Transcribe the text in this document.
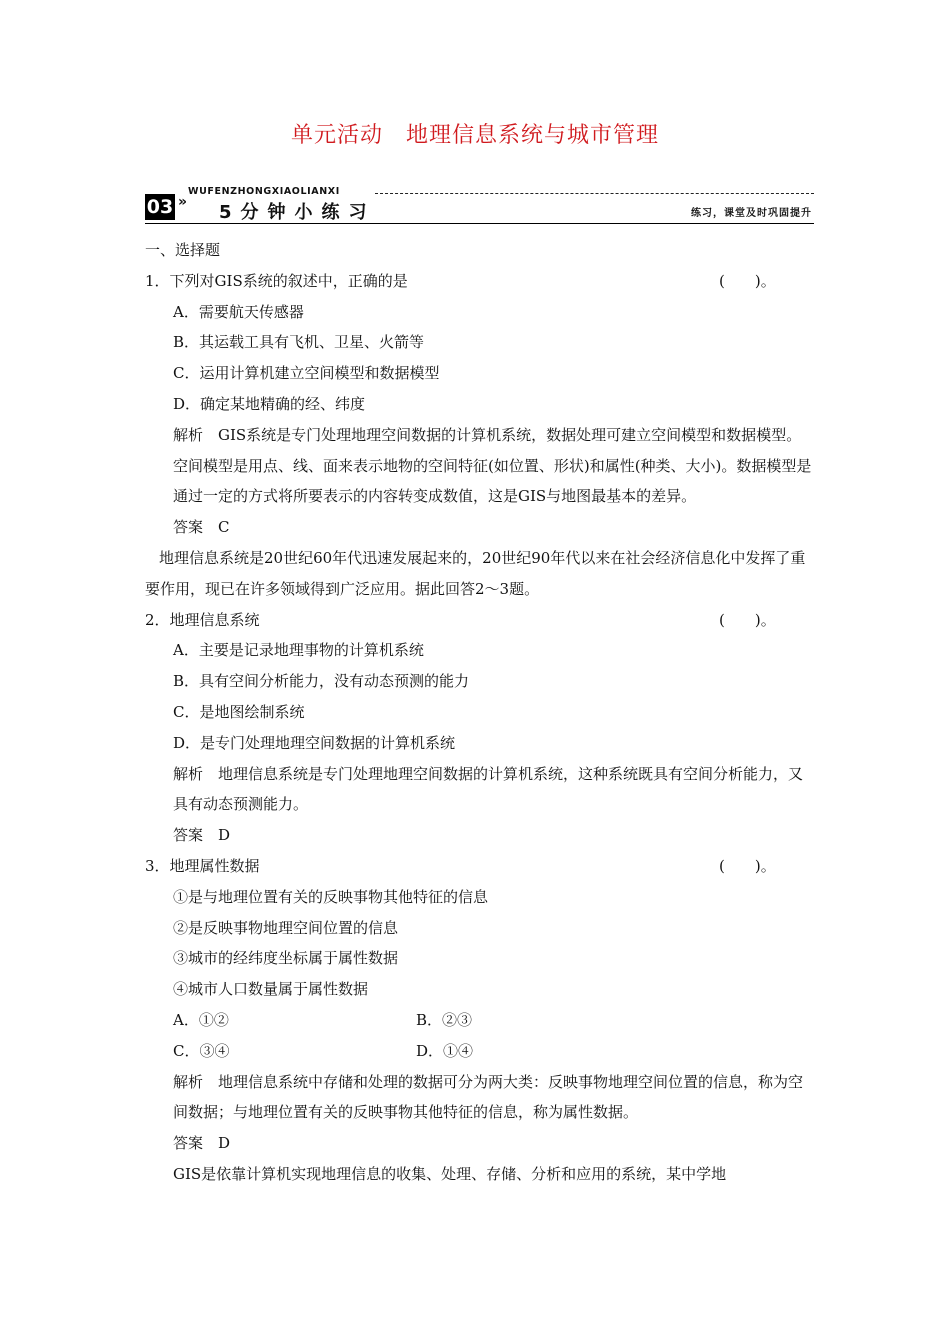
单元活动　地理信息系统与城市管理
03 »
WUFENZHONGXIAOLIANXI
5分钟小练习	练习，课堂及时巩固提升
一、选择题
1．下列对GIS系统的叙述中，正确的是	(　　)。
A．需要航天传感器
B．其运载工具有飞机、卫星、火箭等
C．运用计算机建立空间模型和数据模型
D．确定某地精确的经、纬度
解析　GIS系统是专门处理地理空间数据的计算机系统，数据处理可建立空间模型和数据模型。空间模型是用点、线、面来表示地物的空间特征(如位置、形状)和属性(种类、大小)。数据模型是通过一定的方式将所要表示的内容转变成数值，这是GIS与地图最基本的差异。
答案　C
地理信息系统是20世纪60年代迅速发展起来的，20世纪90年代以来在社会经济信息化中发挥了重要作用，现已在许多领域得到广泛应用。据此回答2～3题。
2．地理信息系统	(　　)。
A．主要是记录地理事物的计算机系统
B．具有空间分析能力，没有动态预测的能力
C．是地图绘制系统
D．是专门处理地理空间数据的计算机系统
解析　地理信息系统是专门处理地理空间数据的计算机系统，这种系统既具有空间分析能力，又具有动态预测能力。
答案　D
3．地理属性数据	(　　)。
①是与地理位置有关的反映事物其他特征的信息
②是反映事物地理空间位置的信息
③城市的经纬度坐标属于属性数据
④城市人口数量属于属性数据
A．①②	B．②③
C．③④	D．①④
解析　地理信息系统中存储和处理的数据可分为两大类：反映事物地理空间位置的信息，称为空间数据；与地理位置有关的反映事物其他特征的信息，称为属性数据。
答案　D
GIS是依靠计算机实现地理信息的收集、处理、存储、分析和应用的系统，某中学地
